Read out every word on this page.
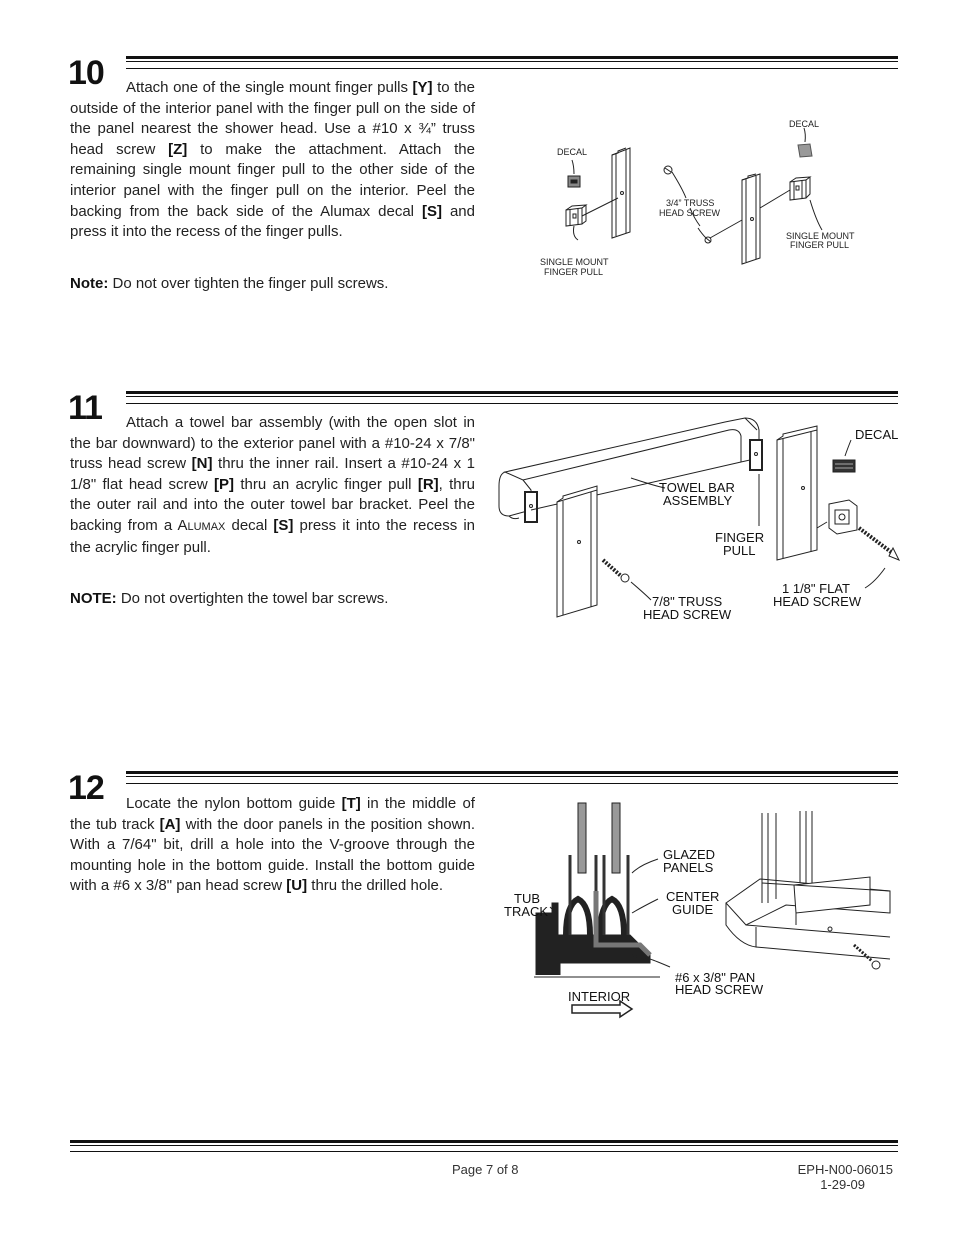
10	Attach one of the single mount finger pulls [Y] to the outside of the interior panel with the finger pull on the side of the panel nearest the shower head. Use a #10 x ¾” truss head screw [Z] to make the attachment. Attach the remaining single mount finger pull to the other side of the interior panel with the finger pull on the interior. Peel the backing from the back side of the Alumax decal [S] and press it into the recess of the finger pulls.
Note: Do not over tighten the finger pull screws.
DECAL
DECAL
3/4” TRUSS
HEAD SCREW
SINGLE MOUNT
FINGER PULL
SINGLE MOUNT
FINGER PULL
11	Attach a towel bar assembly (with the open slot in the bar downward) to the exterior panel with a #10-24 x 7/8" truss head screw [N] thru the inner rail. Insert a #10-24 x 1 1/8" flat head screw [P] thru an acrylic finger pull [R], thru the outer rail and into the outer towel bar bracket. Peel the backing from a ALUMAX decal [S] press it into the recess in the acrylic finger pull.
NOTE: Do not overtighten the towel bar screws.
DECAL
TOWEL BAR
ASSEMBLY
FINGER
PULL
7/8" TRUSS
HEAD SCREW
1 1/8" FLAT
HEAD SCREW
12	Locate the nylon bottom guide [T] in the middle of the tub track [A] with the door panels in the position shown. With a 7/64" bit, drill a hole into the V-groove through the mounting hole in the bottom guide. Install the bottom guide with a #6 x 3/8" pan head screw [U] thru the drilled hole.
GLAZED
PANELS
TUB
TRACK
CENTER
GUIDE
#6 x 3/8" PAN
HEAD SCREW
INTERIOR
Page 7 of 8	EPH-N00-06015
1-29-09
